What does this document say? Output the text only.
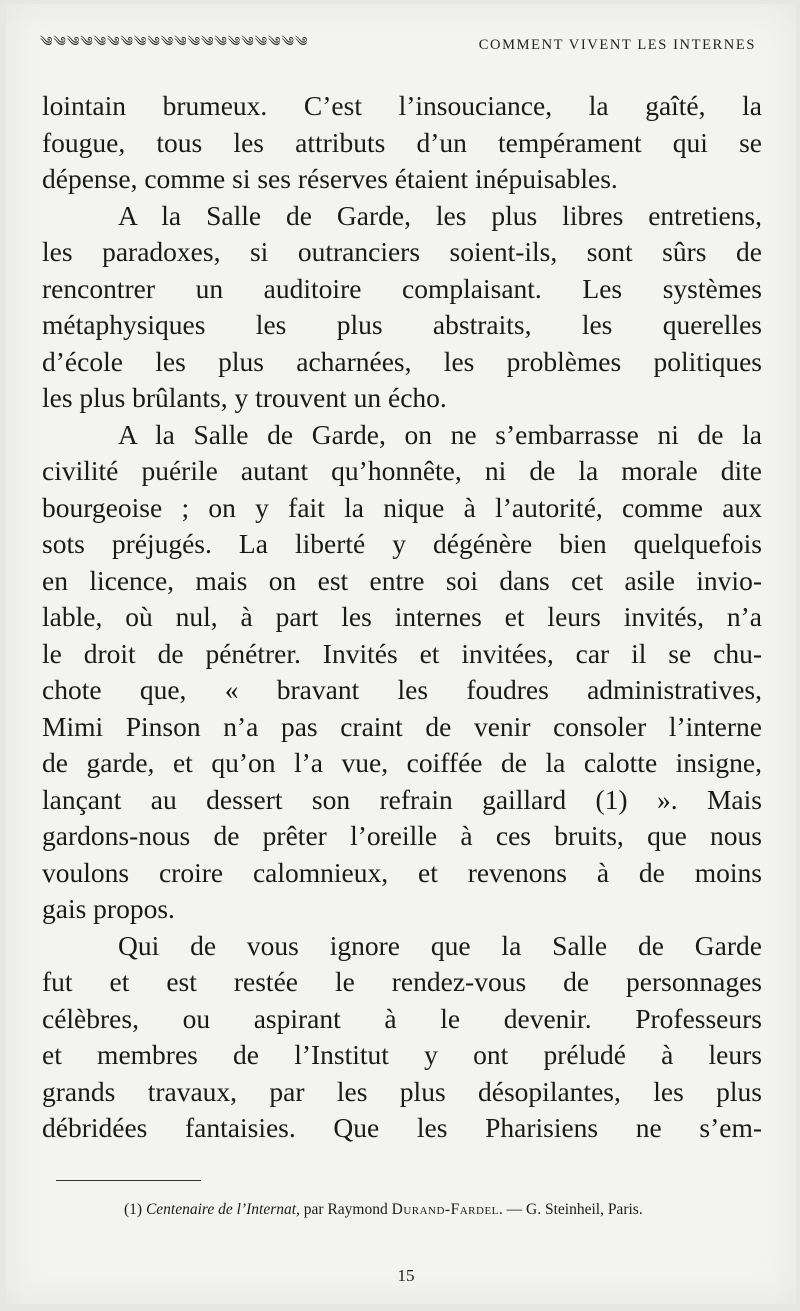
༄༄༄༄༄༄༄༄༄༄༄༄༄༄༄༄༄༄༄༄	COMMENT VIVENT LES INTERNES
lointain brumeux. C’est l’insouciance, la gaîté, la
fougue, tous les attributs d’un tempérament qui se
dépense, comme si ses réserves étaient inépuisables.
A la Salle de Garde, les plus libres entretiens,
les paradoxes, si outranciers soient-ils, sont sûrs de
rencontrer un auditoire complaisant. Les systèmes
métaphysiques les plus abstraits, les querelles
d’école les plus acharnées, les problèmes politiques
les plus brûlants, y trouvent un écho.
A la Salle de Garde, on ne s’embarrasse ni de la
civilité puérile autant qu’honnête, ni de la morale dite
bourgeoise ; on y fait la nique à l’autorité, comme aux
sots préjugés. La liberté y dégénère bien quelquefois
en licence, mais on est entre soi dans cet asile invio-
lable, où nul, à part les internes et leurs invités, n’a
le droit de pénétrer. Invités et invitées, car il se chu-
chote que, « bravant les foudres administratives,
Mimi Pinson n’a pas craint de venir consoler l’interne
de garde, et qu’on l’a vue, coiffée de la calotte insigne,
lançant au dessert son refrain gaillard (1) ». Mais
gardons-nous de prêter l’oreille à ces bruits, que nous
voulons croire calomnieux, et revenons à de moins
gais propos.
Qui de vous ignore que la Salle de Garde
fut et est restée le rendez-vous de personnages
célèbres, ou aspirant à le devenir. Professeurs
et membres de l’Institut y ont préludé à leurs
grands travaux, par les plus désopilantes, les plus
débridées fantaisies. Que les Pharisiens ne s’em-
(1) Centenaire de l’Internat, par Raymond Durand-Fardel. — G. Steinheil, Paris.
15
